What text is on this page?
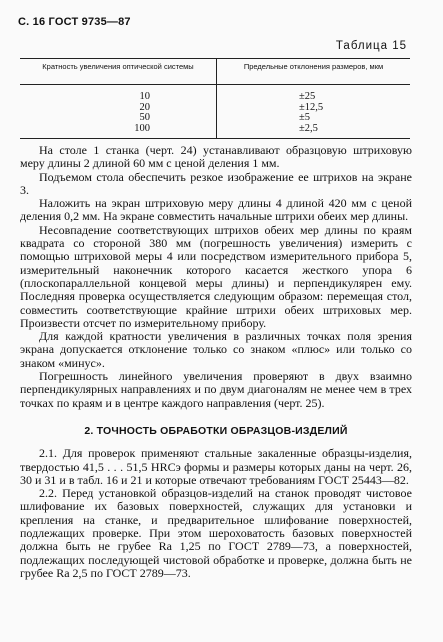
С. 16 ГОСТ 9735—87
Таблица 15
Кратность увеличения оптической системы	Предельные отклонения размеров, мкм
10
20
50
100
±25
±12,5
±5
±2,5

На столе 1 станка (черт. 24) устанавливают образцовую штриховую меру длины 2 длиной 60 мм с ценой деления 1 мм.

Подъемом стола обеспечить резкое изображение ее штрихов на экране 3.

Наложить на экран штриховую меру длины 4 длиной 420 мм с ценой деления 0,2 мм. На экране совместить начальные штрихи обеих мер длины.

Несовпадение соответствующих штрихов обеих мер длины по краям квадрата со стороной 380 мм (погрешность увеличения) измерить с помощью штриховой меры 4 или посредством измерительного прибора 5, измерительный наконечник которого касается жесткого упора 6 (плоскопараллельной концевой меры длины) и перпендикулярен ему. Последняя проверка осуществляется следующим образом: перемещая стол, совместить соответствующие крайние штрихи обеих штриховых мер. Произвести отсчет по измерительному прибору.

Для каждой кратности увеличения в различных точках поля зрения экрана допускается отклонение только со знаком «плюс» или только со знаком «минус».

Погрешность линейного увеличения проверяют в двух взаимно перпендикулярных направлениях и по двум диагоналям не менее чем в трех точках по краям и в центре каждого направления (черт. 25).

2. ТОЧНОСТЬ ОБРАБОТКИ ОБРАЗЦОВ-ИЗДЕЛИЙ

2.1. Для проверок применяют стальные закаленные образцы-изделия, твердостью 41,5 . . . 51,5 HRCэ формы и размеры которых даны на черт. 26, 30 и 31 и в табл. 16 и 21 и которые отвечают требованиям ГОСТ 25443—82.

2.2. Перед установкой образцов-изделий на станок проводят чистовое шлифование их базовых поверхностей, служащих для установки и крепления на станке, и предварительное шлифование поверхностей, подлежащих проверке. При этом шероховатость базовых поверхностей должна быть не грубее Ra 1,25 по ГОСТ 2789—73, а поверхностей, подлежащих последующей чистовой обработке и проверке, должна быть не грубее Ra 2,5 по ГОСТ 2789—73.
